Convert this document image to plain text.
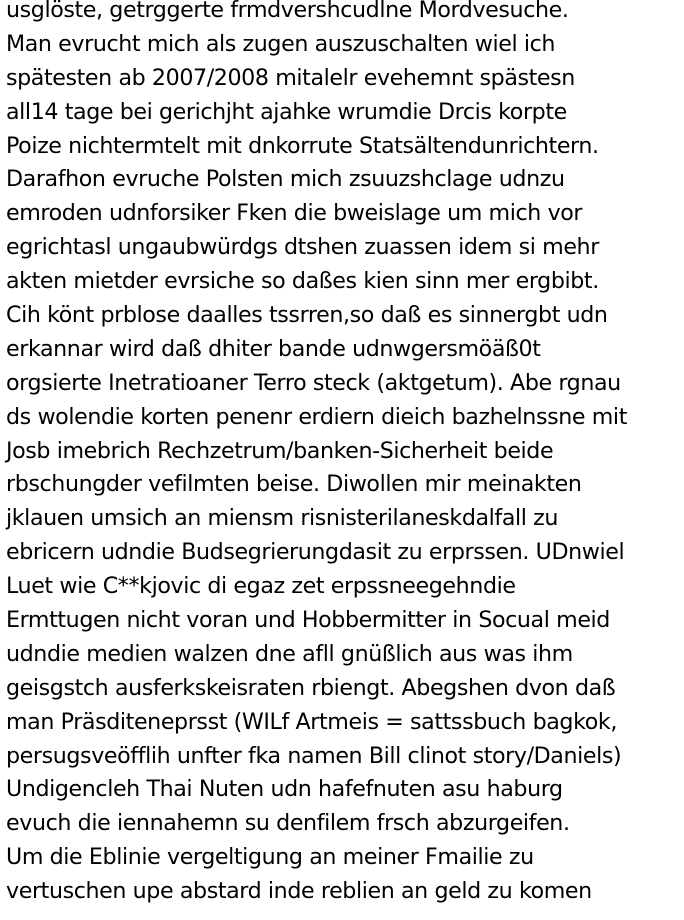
usglöste, getrggerte frmdvershcudlne Mordvesuche.
Man evrucht mich als zugen auszuschalten wiel ich
spätesten ab 2007/2008 mitalelr evehemnt spästesn
all14 tage bei gerichjht ajahke wrumdie Drcis korpte
Poize nichtermtelt mit dnkorrute Statsältendunrichtern.
Darafhon evruche Polsten mich zsuuzshclage udnzu
emroden udnforsiker Fken die bweislage um mich vor
egrichtasl ungaubwürdgs dtshen zuassen idem si mehr
akten mietder evrsiche so daßes kien sinn mer ergbibt.
Cih könt prblose daalles tssrren,so daß es sinnergbt udn
erkannar wird daß dhiter bande udnwgersmöäß0t
orgsierte Inetratioaner Terro steck (aktgetum). Abe rgnau
ds wolendie korten penenr erdiern dieich bazhelnssne mit
Josb imebrich Rechzetrum/banken-Sicherheit beide
rbschungder vefilmten beise. Diwollen mir meinakten
jklauen umsich an miensm risnisterilaneskdalfall zu
ebricern udndie Budsegrierungdasit zu erprssen. UDnwiel
Luet wie C**kjovic di egaz zet erpssneegehndie
Ermttugen nicht voran und Hobbermitter in Socual meid
udndie medien walzen dne afll gnüßlich aus was ihm
geisgstch ausferkskeisraten rbiengt. Abegshen dvon daß
man Präsditeneprsst (WILf Artmeis = sattssbuch bagkok,
persugsveöfflih unfter fka namen Bill clinot story/Daniels)
Undigencleh Thai Nuten udn hafefnuten asu haburg
evuch die iennahemn su denfilem frsch abzurgeifen.
Um die Eblinie vergeltigung an meiner Fmailie zu
vertuschen upe abstard inde reblien an geld zu komen
